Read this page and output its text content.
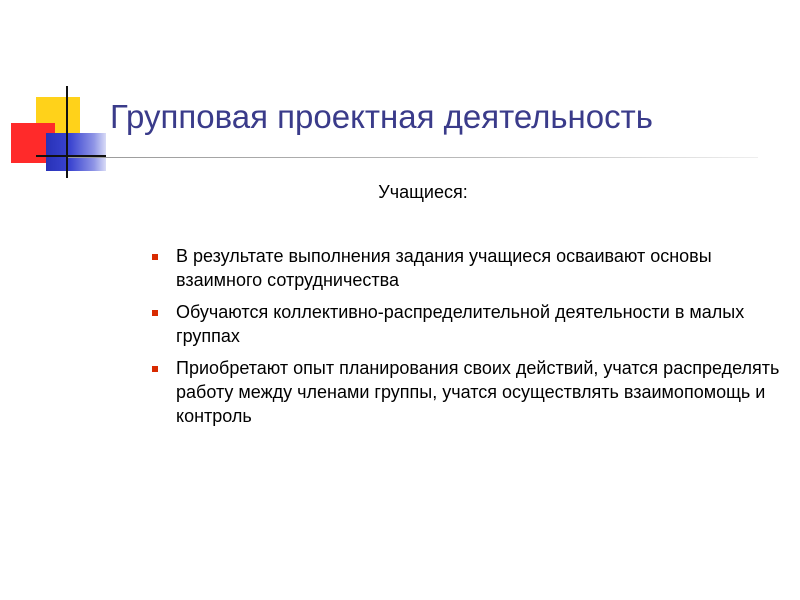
Групповая проектная деятельность
Учащиеся:
В результате выполнения задания учащиеся осваивают основы взаимного сотрудничества
Обучаются коллективно-распределительной деятельности в малых группах
Приобретают опыт планирования своих действий, учатся распределять работу между членами группы, учатся осуществлять взаимопомощь и контроль
